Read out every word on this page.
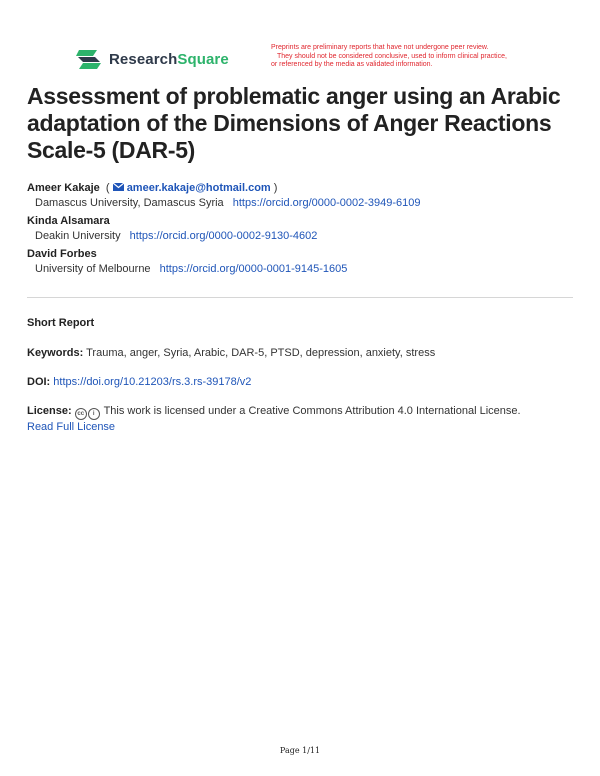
ResearchSquare
Preprints are preliminary reports that have not undergone peer review.
They should not be considered conclusive, used to inform clinical practice,
or referenced by the media as validated information.
Assessment of problematic anger using an Arabic adaptation of the Dimensions of Anger Reactions Scale-5 (DAR-5)
Ameer Kakaje  (  ameer.kakaje@hotmail.com )
Damascus University, Damascus Syria https://orcid.org/0000-0002-3949-6109
Kinda Alsamara
Deakin University https://orcid.org/0000-0002-9130-4602
David Forbes
University of Melbourne https://orcid.org/0000-0001-9145-1605
Short Report
Keywords: Trauma, anger, Syria, Arabic, DAR-5, PTSD, depression, anxiety, stress
DOI: https://doi.org/10.21203/rs.3.rs-39178/v2
License: cc i This work is licensed under a Creative Commons Attribution 4.0 International License.
Read Full License
Page 1/11
